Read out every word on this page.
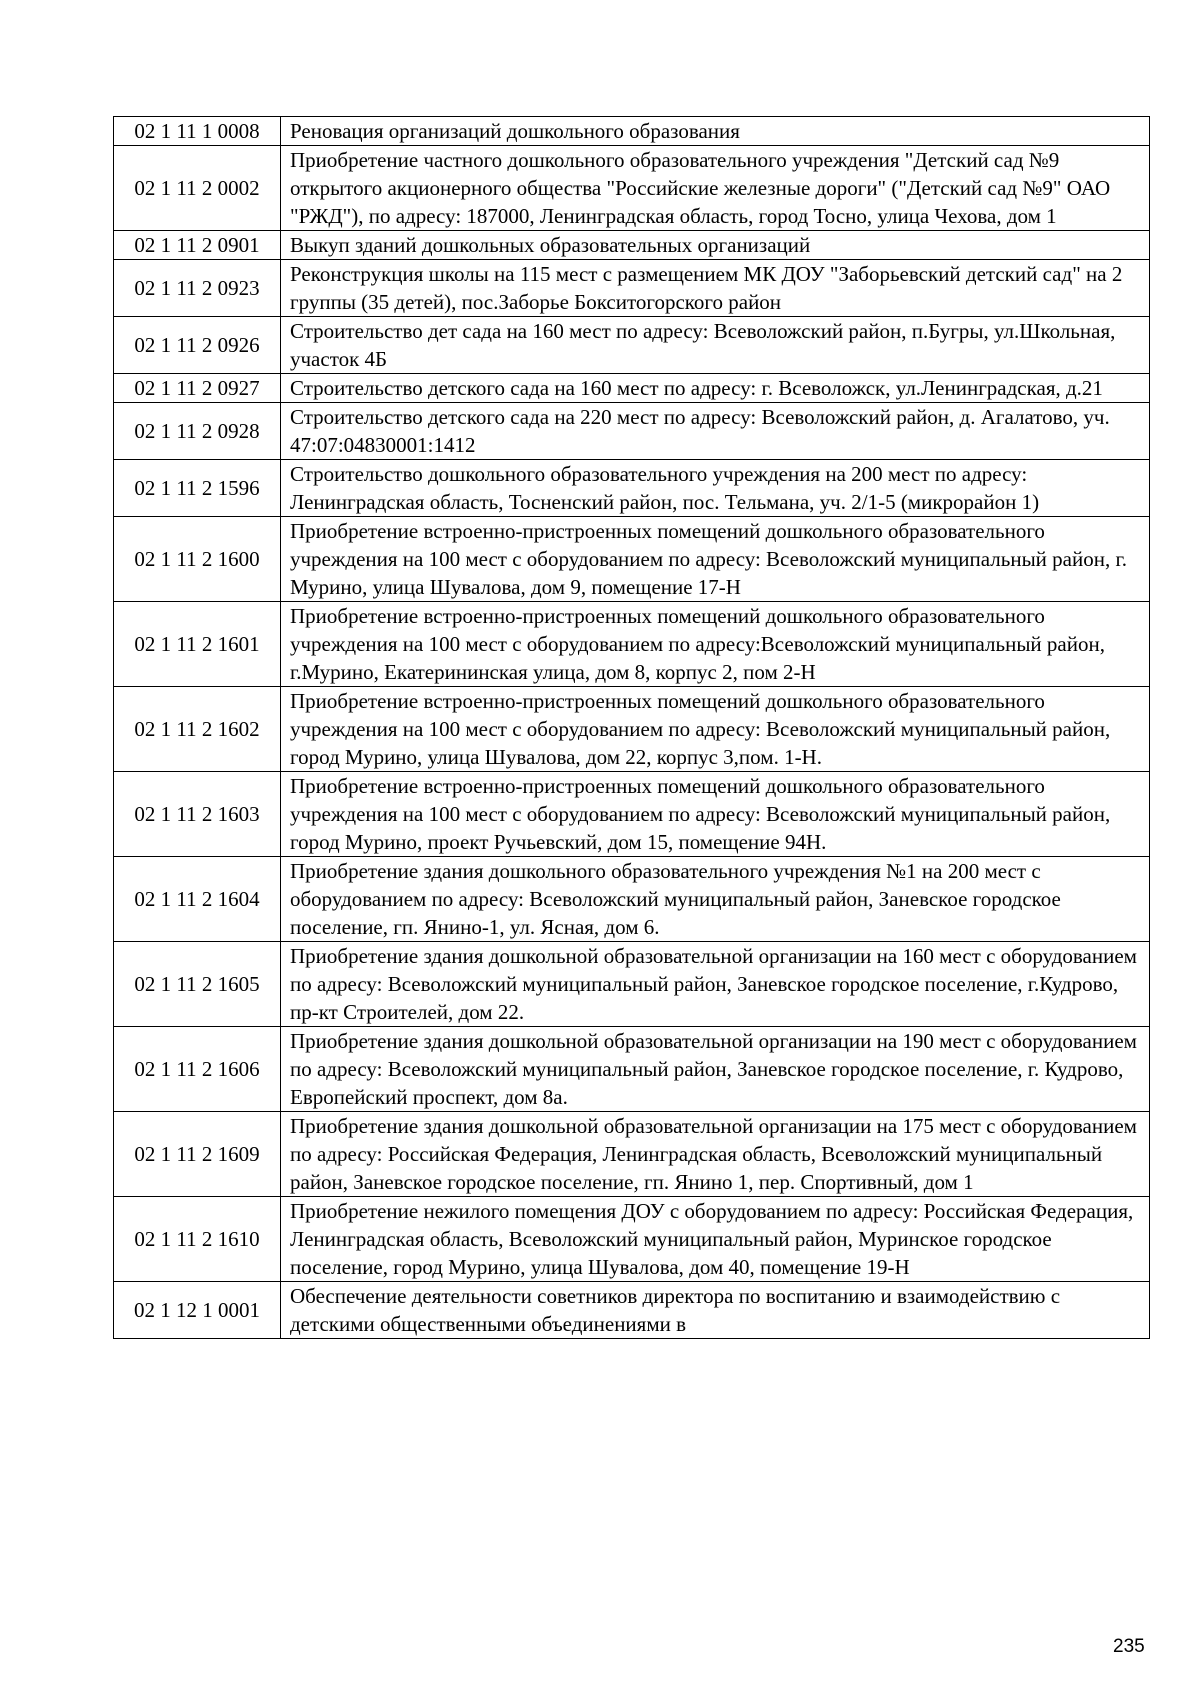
02 1 11 1 0008	Реновация организаций дошкольного образования
02 1 11 2 0002	Приобретение частного дошкольного образовательного учреждения "Детский сад №9 открытого акционерного общества "Российские железные дороги" ("Детский сад №9" ОАО "РЖД"), по адресу: 187000, Ленинградская область, город Тосно, улица Чехова, дом 1
02 1 11 2 0901	Выкуп зданий дошкольных образовательных организаций
02 1 11 2 0923	Реконструкция школы на 115 мест с размещением МК ДОУ "Заборьевский детский сад" на 2 группы (35 детей), пос.Заборье Бокситогорского район
02 1 11 2 0926	Строительство дет сада на 160 мест по адресу: Всеволожский район, п.Бугры, ул.Школьная, участок 4Б
02 1 11 2 0927	Строительство детского сада на 160 мест по адресу: г. Всеволожск, ул.Ленинградская, д.21
02 1 11 2 0928	Строительство детского сада на 220 мест по адресу: Всеволожский район, д. Агалатово, уч. 47:07:04830001:1412
02 1 11 2 1596	Строительство дошкольного образовательного учреждения на 200 мест по адресу: Ленинградская область, Тосненский район, пос. Тельмана, уч. 2/1-5 (микрорайон 1)
02 1 11 2 1600	Приобретение встроенно-пристроенных помещений дошкольного образовательного учреждения на 100 мест с оборудованием по адресу: Всеволожский муниципальный район, г. Мурино, улица Шувалова, дом 9, помещение 17-Н
02 1 11 2 1601	Приобретение встроенно-пристроенных помещений дошкольного образовательного учреждения на 100 мест с оборудованием по адресу:Всеволожский муниципальный район, г.Мурино, Екатерининская улица, дом 8, корпус 2, пом 2-Н
02 1 11 2 1602	Приобретение встроенно-пристроенных помещений дошкольного образовательного учреждения на 100 мест с оборудованием по адресу: Всеволожский муниципальный район, город Мурино, улица Шувалова, дом 22, корпус 3,пом. 1-Н.
02 1 11 2 1603	Приобретение встроенно-пристроенных помещений дошкольного образовательного учреждения на 100 мест с оборудованием по адресу: Всеволожский муниципальный район, город Мурино, проект Ручьевский, дом 15, помещение 94Н.
02 1 11 2 1604	Приобретение здания дошкольного образовательного учреждения №1 на 200 мест с оборудованием по адресу: Всеволожский муниципальный район, Заневское городское поселение, гп. Янино-1, ул. Ясная, дом 6.
02 1 11 2 1605	Приобретение здания дошкольной образовательной организации на 160 мест с оборудованием по адресу: Всеволожский муниципальный район, Заневское городское поселение, г.Кудрово, пр-кт Строителей, дом 22.
02 1 11 2 1606	Приобретение здания дошкольной образовательной организации на 190 мест с оборудованием по адресу: Всеволожский муниципальный район, Заневское городское поселение, г. Кудрово, Европейский проспект, дом 8а.
02 1 11 2 1609	Приобретение здания дошкольной образовательной организации на 175 мест с оборудованием по адресу: Российская Федерация, Ленинградская область, Всеволожский муниципальный район, Заневское городское поселение, гп. Янино 1, пер. Спортивный, дом 1
02 1 11 2 1610	Приобретение нежилого помещения ДОУ с оборудованием по адресу: Российская Федерация, Ленинградская область, Всеволожский муниципальный район, Муринское городское поселение, город Мурино, улица Шувалова, дом 40, помещение 19-Н
02 1 12 1 0001	Обеспечение деятельности советников директора по воспитанию и взаимодействию с детскими общественными объединениями в
235
